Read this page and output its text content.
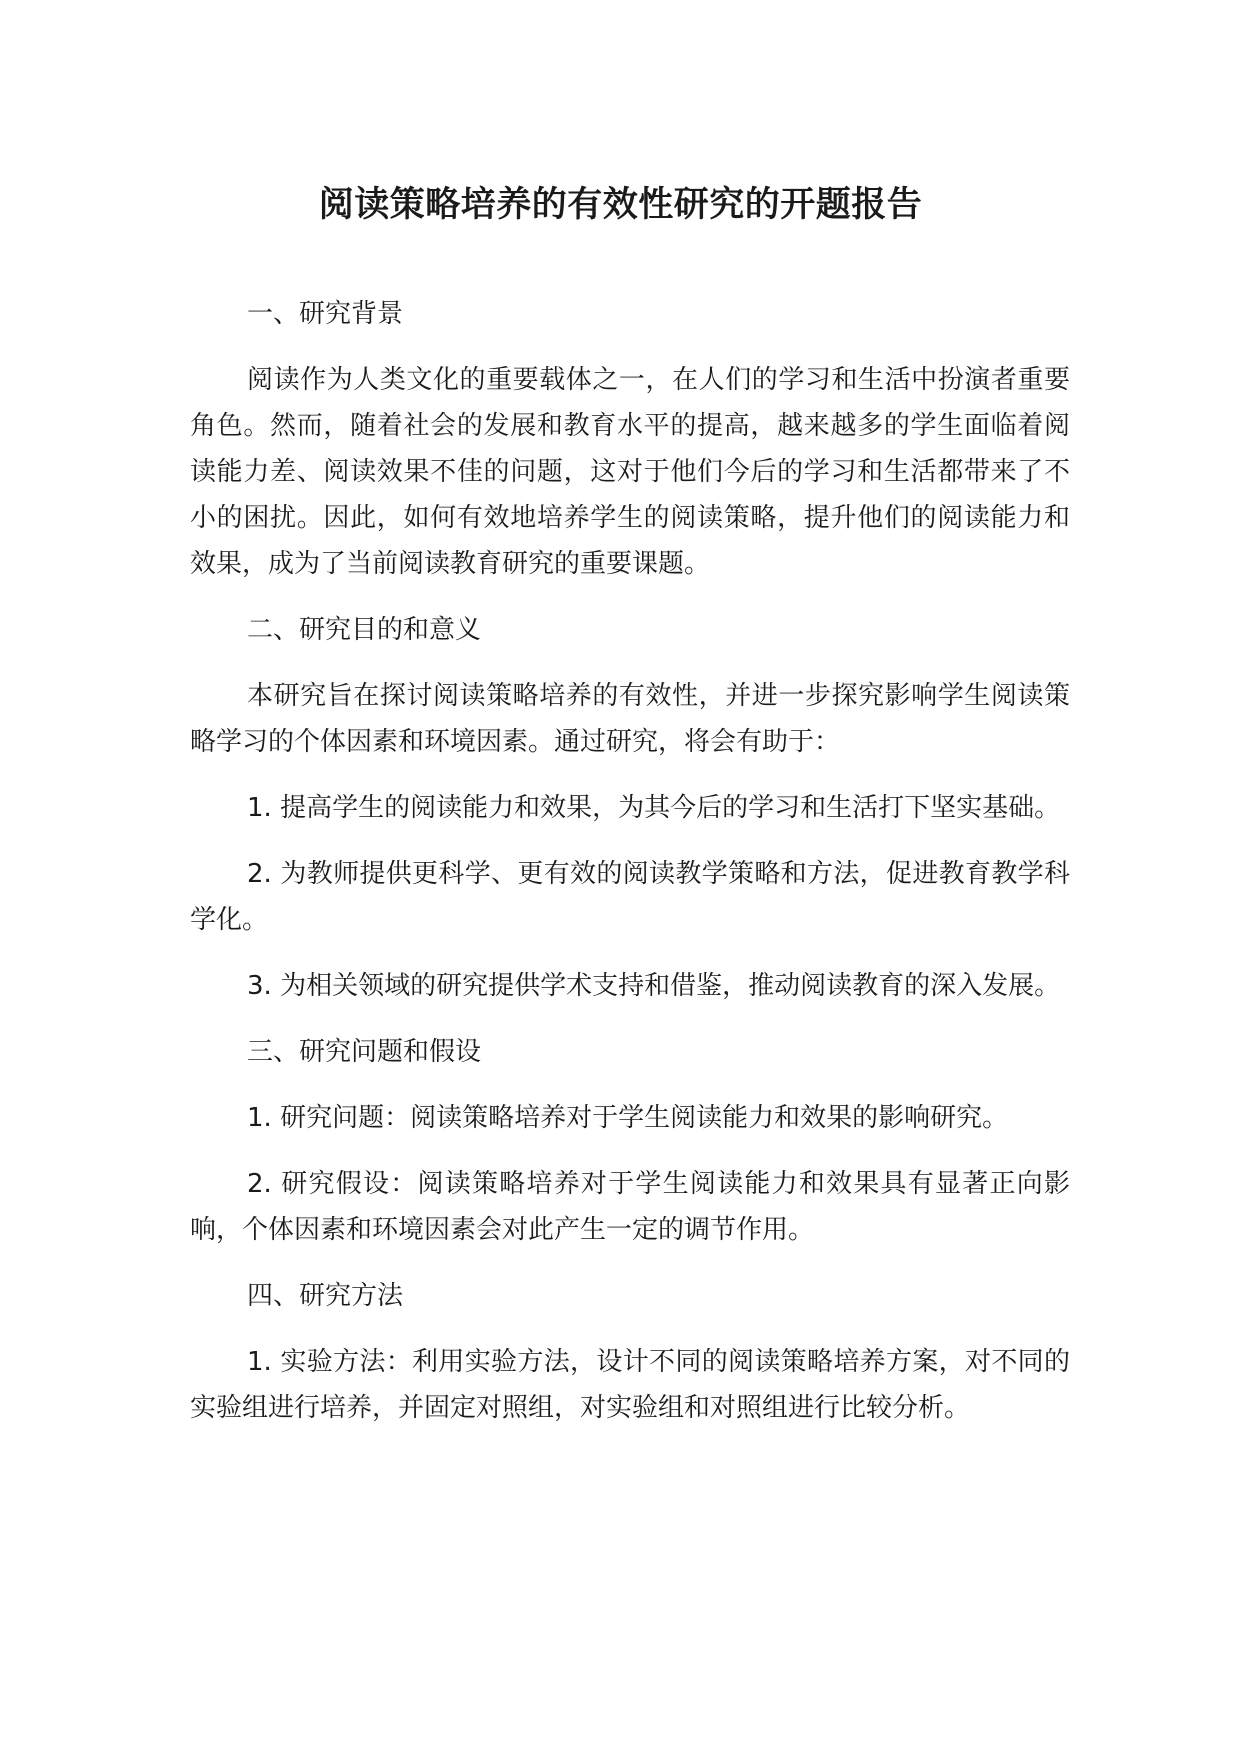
阅读策略培养的有效性研究的开题报告

一、研究背景

阅读作为人类文化的重要载体之一，在人们的学习和生活中扮演者重要角色。然而，随着社会的发展和教育水平的提高，越来越多的学生面临着阅读能力差、阅读效果不佳的问题，这对于他们今后的学习和生活都带来了不小的困扰。因此，如何有效地培养学生的阅读策略，提升他们的阅读能力和效果，成为了当前阅读教育研究的重要课题。

二、研究目的和意义

本研究旨在探讨阅读策略培养的有效性，并进一步探究影响学生阅读策略学习的个体因素和环境因素。通过研究，将会有助于：

1. 提高学生的阅读能力和效果，为其今后的学习和生活打下坚实基础。

2. 为教师提供更科学、更有效的阅读教学策略和方法，促进教育教学科学化。

3. 为相关领域的研究提供学术支持和借鉴，推动阅读教育的深入发展。

三、研究问题和假设

1. 研究问题：阅读策略培养对于学生阅读能力和效果的影响研究。

2. 研究假设：阅读策略培养对于学生阅读能力和效果具有显著正向影响，个体因素和环境因素会对此产生一定的调节作用。

四、研究方法

1. 实验方法：利用实验方法，设计不同的阅读策略培养方案，对不同的实验组进行培养，并固定对照组，对实验组和对照组进行比较分析。
